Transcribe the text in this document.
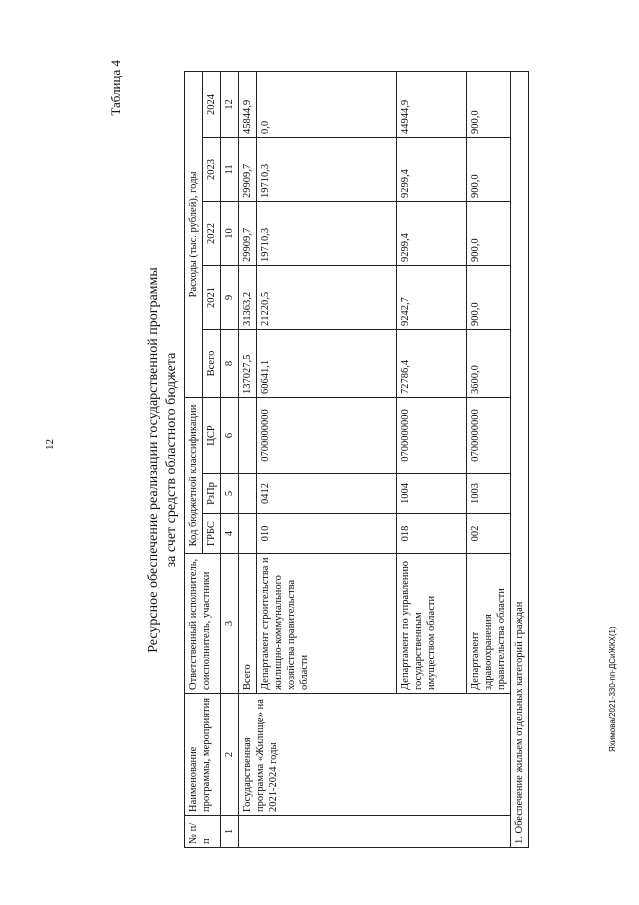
12
Яхимова/2021-330-пп-ДСиЖКХ(1)
Таблица 4
Ресурсное обеспечение реализации государственной программы за счет средств областного бюджета
№ п/п	Наименование программы, мероприятия	Ответственный исполнитель, соисполнитель, участники	Код бюджетной классификации			Расходы (тыс. рублей), годы				
			ГРБС	РзПр	ЦСР	Всего	2021	2022	2023	2024
1	2	3	4	5	6	8	9	10	11	12
	Государственная программа «Жилище» на 2021-2024 годы	Всего				137027,5	31363,2	29909,7	29909,7	45844,9
		Департамент строительства и жилищно-коммунального хозяйства правительства области	010	0412	0700000000	60641,1	21220,5	19710,3	19710,3	0,0
		Департамент по управлению государственным имуществом области	018	1004	0700000000	72786,4	9242,7	9299,4	9299,4	44944,9
		Департамент здравоохранения правительства области	002	1003	0700000000	3600,0	900,0	900,0	900,0	900,0
1. Обеспечение жильем отдельных категорий граждан										
